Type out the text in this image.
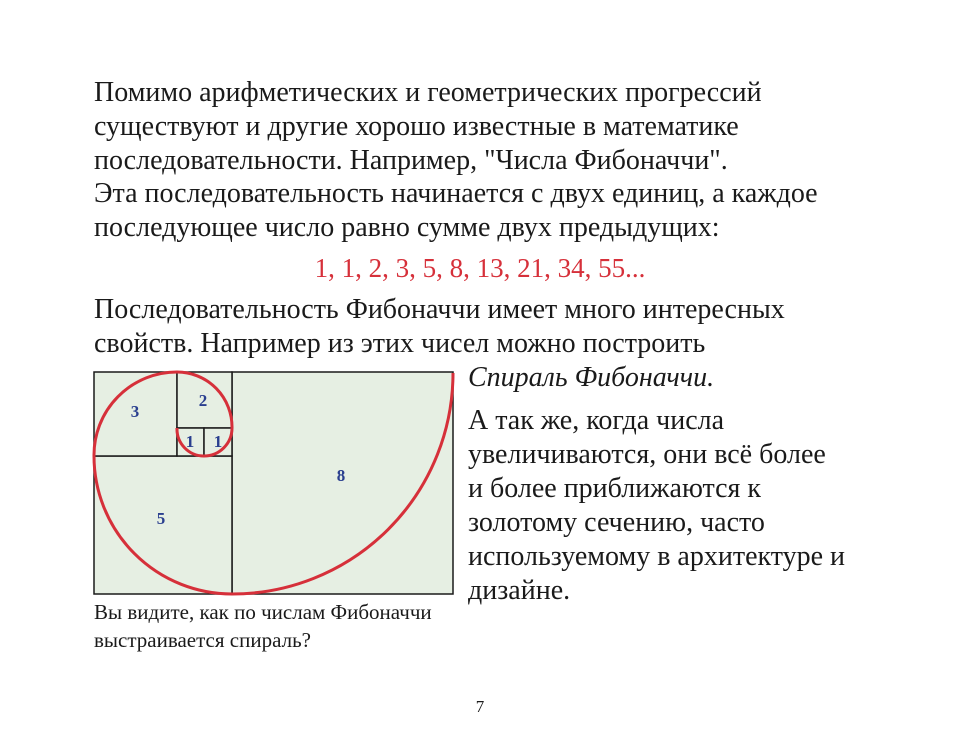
Помимо арифметических и геометрических прогрессий
существуют и другие хорошо известные в математике
последовательности. Например, "Числа Фибоначчи".

Эта последовательность начинается с двух единиц, а каждое
последующее число равно сумме двух предыдущих:

1, 1, 2, 3, 5, 8, 13, 21, 34, 55...

Последовательность Фибоначчи имеет много интересных
свойств. Например из этих чисел можно построить

Спираль Фибоначчи.

А так же, когда числа
увеличиваются, они всё более
и более приближаются к
золотому сечению, часто
используемому в архитектуре и
дизайне.

1 1
2
3
5
8

Вы видите, как по числам Фибоначчи
выстраивается спираль?

7
